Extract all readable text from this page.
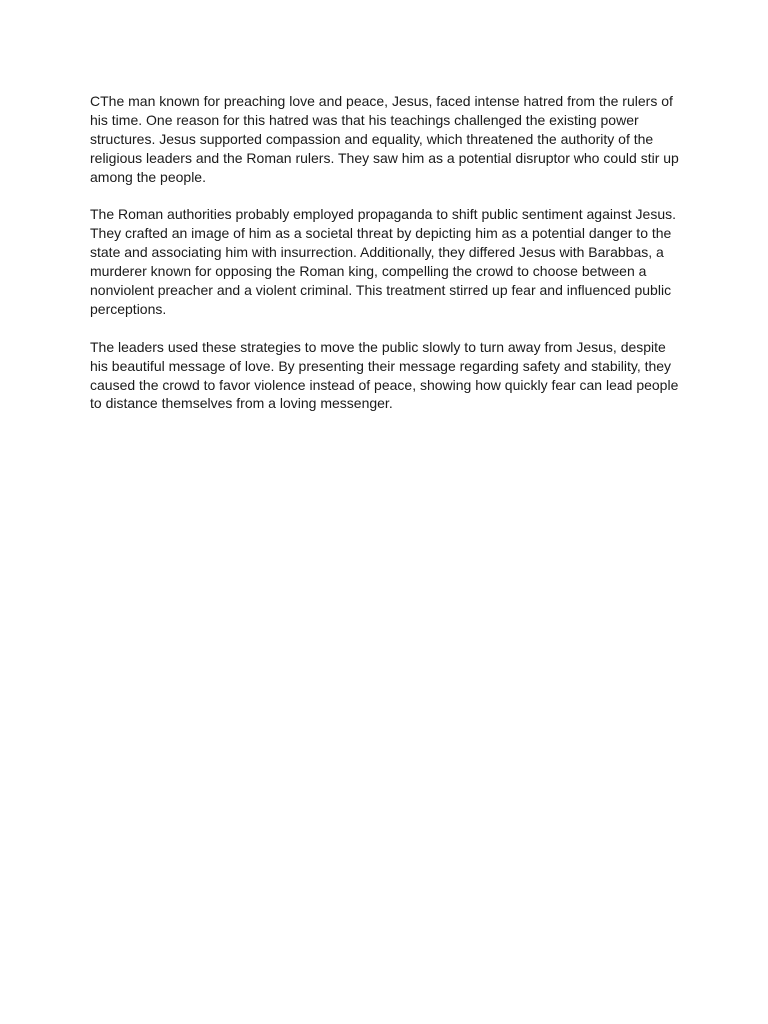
CThe man known for preaching love and peace, Jesus, faced intense hatred from the rulers of
his time. One reason for this hatred was that his teachings challenged the existing power
structures. Jesus supported compassion and equality, which threatened the authority of the
religious leaders and the Roman rulers. They saw him as a potential disruptor who could stir up
among the people.

The Roman authorities probably employed propaganda to shift public sentiment against Jesus.
They crafted an image of him as a societal threat by depicting him as a potential danger to the
state and associating him with insurrection. Additionally, they differed Jesus with Barabbas, a
murderer known for opposing the Roman king, compelling the crowd to choose between a
nonviolent preacher and a violent criminal. This treatment stirred up fear and influenced public
perceptions.

The leaders used these strategies to move the public slowly to turn away from Jesus, despite
his beautiful message of love. By presenting their message regarding safety and stability, they
caused the crowd to favor violence instead of peace, showing how quickly fear can lead people
to distance themselves from a loving messenger.
